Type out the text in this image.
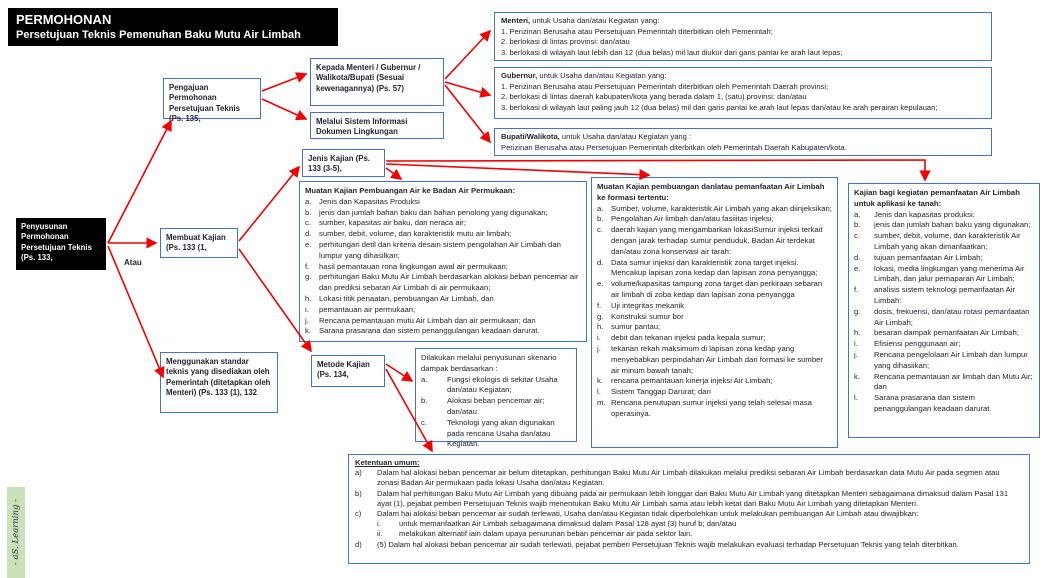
PERMOHONAN
Persetujuan Teknis Pemenuhan Baku Mutu Air Limbah
- aS. Learning -
Penyusunan Permohonan Persetujuan Teknis (Ps. 133,
Pengajuan Permohonan Persetujuan Teknis (Ps. 135,
Kepada Menteri / Gubernur / Walikota/Bupati (Sesuai kewenagannya) (Ps. 57)
Melalui Sistem Informasi Dokumen Lingkungan
Jenis Kajian (Ps. 133 (3-5),
Membuat Kajian (Ps. 133 (1,
Atau
Menggunakan standar teknis yang disediakan oleh Pemerintah (ditetapkan oleh Menteri) (Ps. 133 (1), 132
Metode Kajian (Ps. 134,
Menteri, untuk Usaha dan/atau Kegiatan yang:
1. Perizinan Berusaha atau Persetujuan Pemerintah diterbitkan oleh Pemerintah;
2. berlokasi di lintas provinsi: dan/atau
3. berlokasi di wilayah laut lebih dari 12 (dua belas) mil laut diukur dari garis pantai ke arah laut lepas;
Gubernur, untuk Usaha dan/atau Kegiatan yang:
1. Perizinan Berusaha atau Persetujuan Pemerintah diterbitkan oleh Pemerintah Daerah provinsi;
2. berlokasi di lintas daerah kabupaten/kota yang berada dalam 1, (satu) provinsi: dan/atau
3. berlokasi di wilayah laut paling jauh 12 (dua belas) mil dari garis pantai ke arah laut lepas dan/atau ke arah perairan kepulauan;
Bupati/Walikota, untuk Usaha dan/atau Kegiatan yang :
Perizinan Berusaha atau Persetujuan Pemerintah diterbitkan oleh Pemerintah Daerah Kabupaten/kota.
Muatan Kajian Pembuangan Air ke Badan Air Permukaan:
a. Jenis dan Kapasitas Produksi
b. jenis dan jumlah bahan baku dan bahan penolong yang digunakan;
c.	sumber, kapasitas air baku, dan neraca air;
d. sumber, debit, volume, dan karakteristik mutu air limbah;
e. perhitungan detil dan kriteria desain sistem pengolahan Air Limbah dan lumpur yang dihasilkan;
f.	hasil pemantauan rona lingkungan awal air permukaan;
g. perhitungan Baku Mutu Air Limbah berdasarkan alokasi beban pencemar air dan prediksi sebaran Air Limbah di air permukaan;
h. Lokasi titik penaatan, pembuangan Air Limbah, dan
i.	pemantauan air permukaan;
j.	Rencana pemantauan mutu Air Limbah dan air permukaan; dan
k.	Sarana prasarana dan sistem penanggulangan keadaan darurat.
Muatan Kajian pembuangan danlatau pemanfaatan Air Limbah ke formasi tertentu:
a. Sumber, volume, karakteristik Air Limbah yang akan diinjeksikan;
b. Pengolahan Air limbah dan/atau fasiiitas injeksi;
c.	daerah kajian yang mengambarkan lokasiSumur injeksi terkait dengan jarak terhadap sumur penduduk, Badan Air terdekat dan/atau zona konservasi air tarah:
d. Data sumur injeksi dan karakteristik zona target injeksi. Mencakup lapisan zona kedap dan lapisan zona penyangga;
e. volume/kapasitas tampung zona target dan perkiraan sebaran air limbah di zoba kedap dan lapisan zona penyangga
f.	Uji integritas mekanik
g. Konstruksi sumur bor
h. sumur pantau;
i.	debit dan tekanan injeksi pada kepala sumur;
j.	tekanan rekah maksimum di lapisan zona kedap yang menyebabkan perpindahan Air Limbah dari formasi ke sumber air minum bawah tanah;
k.	rencana pemantauan kinerja injeksi Air Limbah;
l.	Sistem Tanggap Darurat; dan
m. Rencana penutupan sumur injeksi yang telah selesai masa operasinya.
Kajian bagi kegiatan pemanfaatan Air Limbah untuk aplikasi ke tanah:
a.	Jenis dan kapasitas produksi;
b.	jenis dan jumlah bahan baku yang digunakan;
c.	sumber, debit, volume, dan karakteristik Air Limbah yang akan dimanfaatkan;
d.	tujuan pemanfaatan Air Limbah;
e.	lokasi, media lingkungan yang menerima Air Limbah, dan jalur pemaparan Air Limbah;
f.	analisis sistem teknologi pemanfaatan Air Limbah:
g.	dosis, frekuensi, dan/atau rotasi pemanfaatan Air Limbah;
h.	besaran dampak pemanfaatan Air Limbah;
i.	Efisiensi penggunaan air;
j.	Rencana pengelolaan Air Limbah dan lumpur yang dihasiikan;
k.	Rencana pemantauan air limbah dan Mutu Air; dan
l.	Sarana prasarana dan sistem penanggulangan keadaan darurat.
Dilakukan melalui penyusunan skenario dampak berdasarkan :
a.	Fungsi ekologis di sekitar Usaha dan/atau Kegiatan;
b.	Alokasi beban pencemar air; dan/atau
c.	Teknologi yang akan digunakan pada rencana Usaha dan/atau Kegiatan.
Ketentuan umum:
a)	Dalam hal alokasi beban pencemar air belum ditetapkan, perhitungan Baku Mutu Air Limbah dilakukan melalui prediksi sebaran Air Limbah berdasarkan data Mutu Air pada segmen atau zonasi Badan Air permukaan pada lokasi Usaha dan/atau Kegiatan.
b)	Dalam hal perhitungan Baku Mutu Air Limbah yang dibuang pada air permukaan lebih longgar dari Baku Mutu Air Limbah yang ditetapkan Menteri sebagaimana dimaksud dalam Pasal 131 ayat (1), pejabat pemberi Persetujuan Teknis wajib menentukan Baku Mutu Air Limbah sama atau lebih ketat dari Baku Mutu Air Limbah yang ditetapkan Menteri.
c)	Dalam hai alokasi beban pencemar air sudah terlewati, Usaha dan/atau Kegiatan tidak diperbolehkan untuk melakukan pembuangan Air Limbah atau diwajibkan:
i.	untuk memanfaatkan Air Limbah sebagaimana dimaksud dalam Pasal 128 ayat (3) huruf b; dan/atau
ii.	melakukan alternatif iain dalam upaya penurunan beban pencemar air pada sektor lain.
d)	(5) Dalam hal alokasi beban pencemar air sudah terlewati, pejabat pemberi Persetujuan Teknis wajib melakukan evaluasi terhadap Persetujuan Teknis yang telah diterbitkan.
